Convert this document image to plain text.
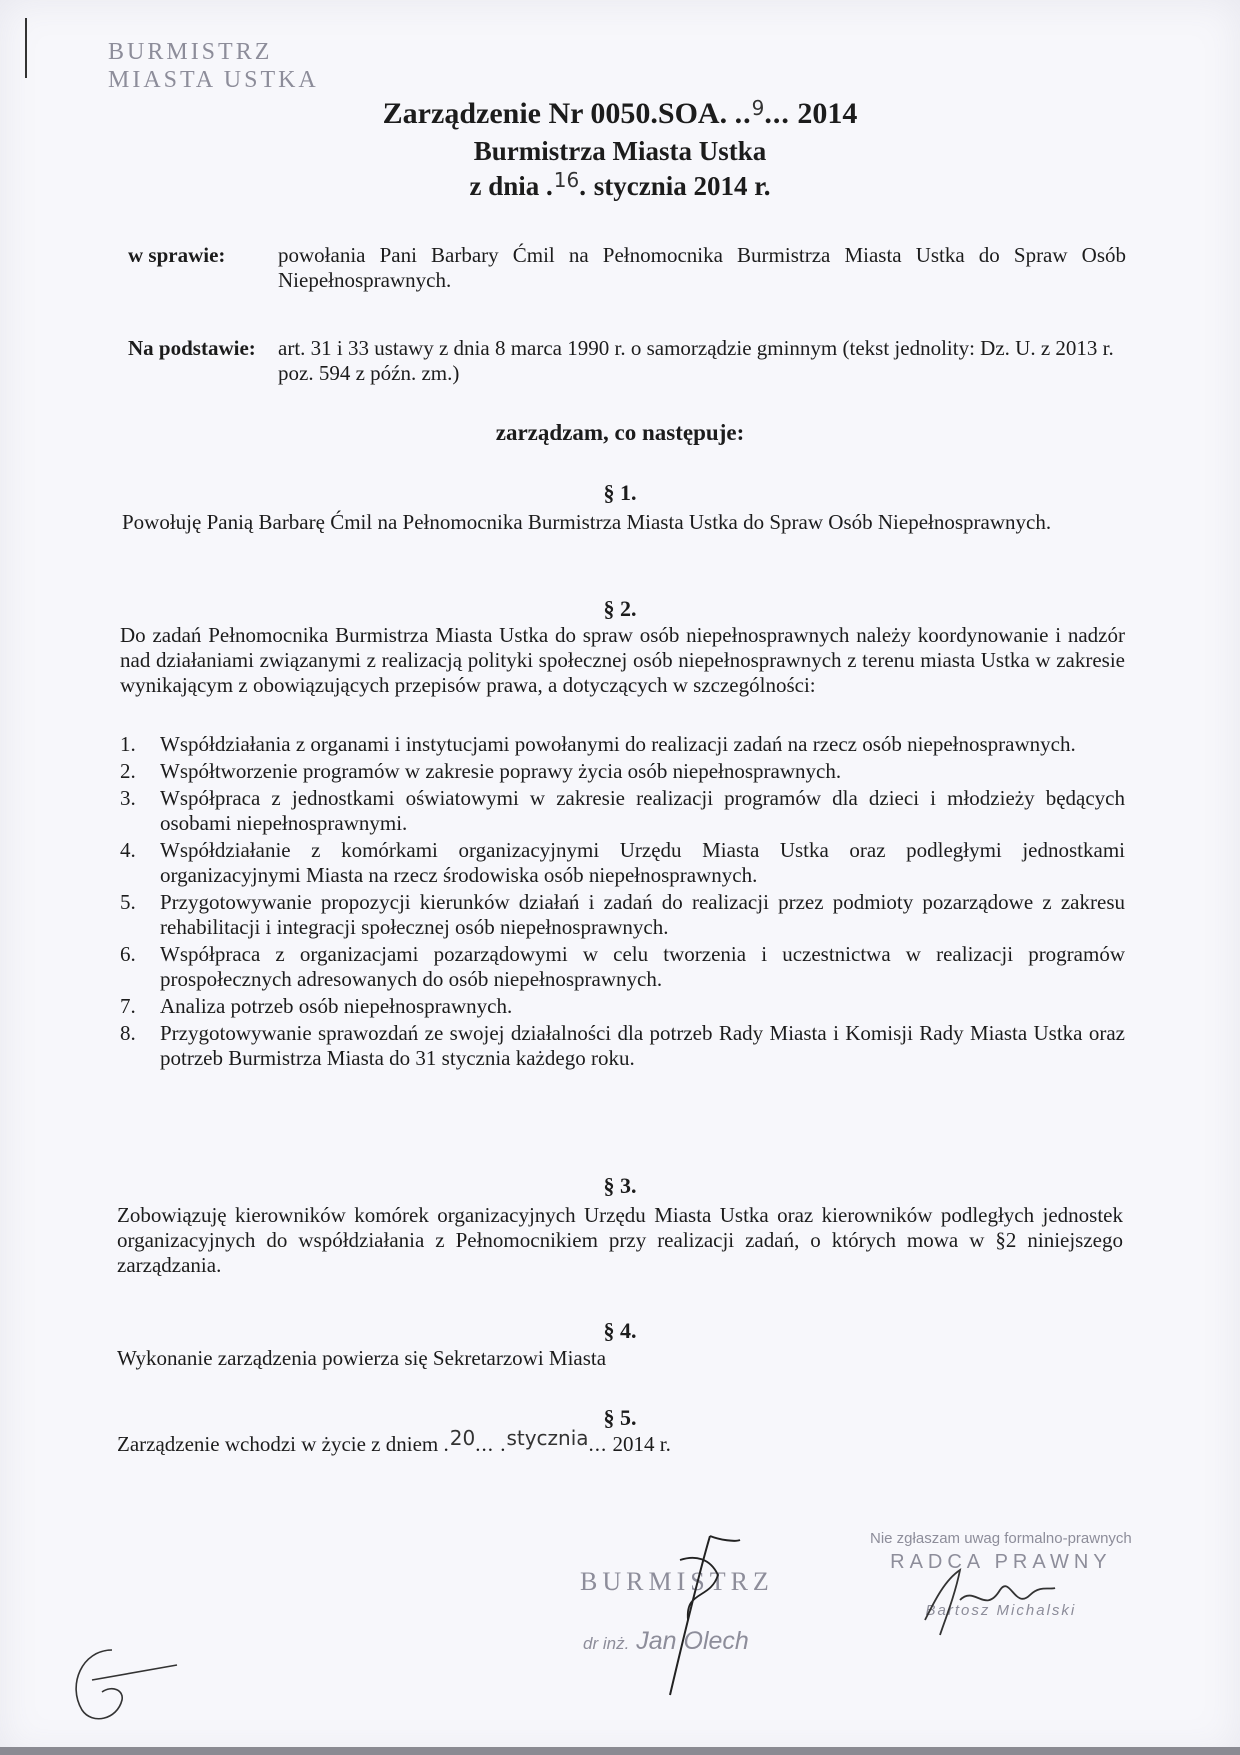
BURMISTRZ
MIASTA USTKA
Zarządzenie Nr 0050.SOA. ..$^9$... 2014
Burmistrza Miasta Ustka
z dnia .$^{16}$. stycznia 2014 r.
w sprawie:	powołania Pani Barbary Ćmil na Pełnomocnika Burmistrza Miasta Ustka do Spraw Osób Niepełnosprawnych.
Na podstawie: art. 31 i 33 ustawy z dnia 8 marca 1990 r. o samorządzie gminnym (tekst jednolity: Dz. U. z 2013 r. poz. 594 z późn. zm.)
zarządzam, co następuje:
§ 1.
Powołuję Panią Barbarę Ćmil na Pełnomocnika Burmistrza Miasta Ustka do Spraw Osób Niepełnosprawnych.
§ 2.
Do zadań Pełnomocnika Burmistrza Miasta Ustka do spraw osób niepełnosprawnych należy koordynowanie i nadzór nad działaniami związanymi z realizacją polityki społecznej osób niepełnosprawnych z terenu miasta Ustka w zakresie wynikającym z obowiązujących przepisów prawa, a dotyczących w szczególności:
1. Współdziałania z organami i instytucjami powołanymi do realizacji zadań na rzecz osób niepełnosprawnych.
2. Współtworzenie programów w zakresie poprawy życia osób niepełnosprawnych.
3. Współpraca z jednostkami oświatowymi w zakresie realizacji programów dla dzieci i młodzieży będących osobami niepełnosprawnymi.
4. Współdziałanie z komórkami organizacyjnymi Urzędu Miasta Ustka oraz podległymi jednostkami organizacyjnymi Miasta na rzecz środowiska osób niepełnosprawnych.
5. Przygotowywanie propozycji kierunków działań i zadań do realizacji przez podmioty pozarządowe z zakresu rehabilitacji i integracji społecznej osób niepełnosprawnych.
6. Współpraca z organizacjami pozarządowymi w celu tworzenia i uczestnictwa w realizacji programów prospołecznych adresowanych do osób niepełnosprawnych.
7. Analiza potrzeb osób niepełnosprawnych.
8. Przygotowywanie sprawozdań ze swojej działalności dla potrzeb Rady Miasta i Komisji Rady Miasta Ustka oraz potrzeb Burmistrza Miasta do 31 stycznia każdego roku.
§ 3.
Zobowiązuję kierowników komórek organizacyjnych Urzędu Miasta Ustka oraz kierowników podległych jednostek organizacyjnych do współdziałania z Pełnomocnikiem przy realizacji zadań, o których mowa w §2 niniejszego zarządzania.
§ 4.
Wykonanie zarządzenia powierza się Sekretarzowi Miasta
§ 5.
Zarządzenie wchodzi w życie z dniem .20... .stycznia... 2014 r.
BURMISTRZ
dr inż. Jan Olech
Nie zgłaszam uwag formalno-prawnych
RADCA PRAWNY
Bartosz Michalski
